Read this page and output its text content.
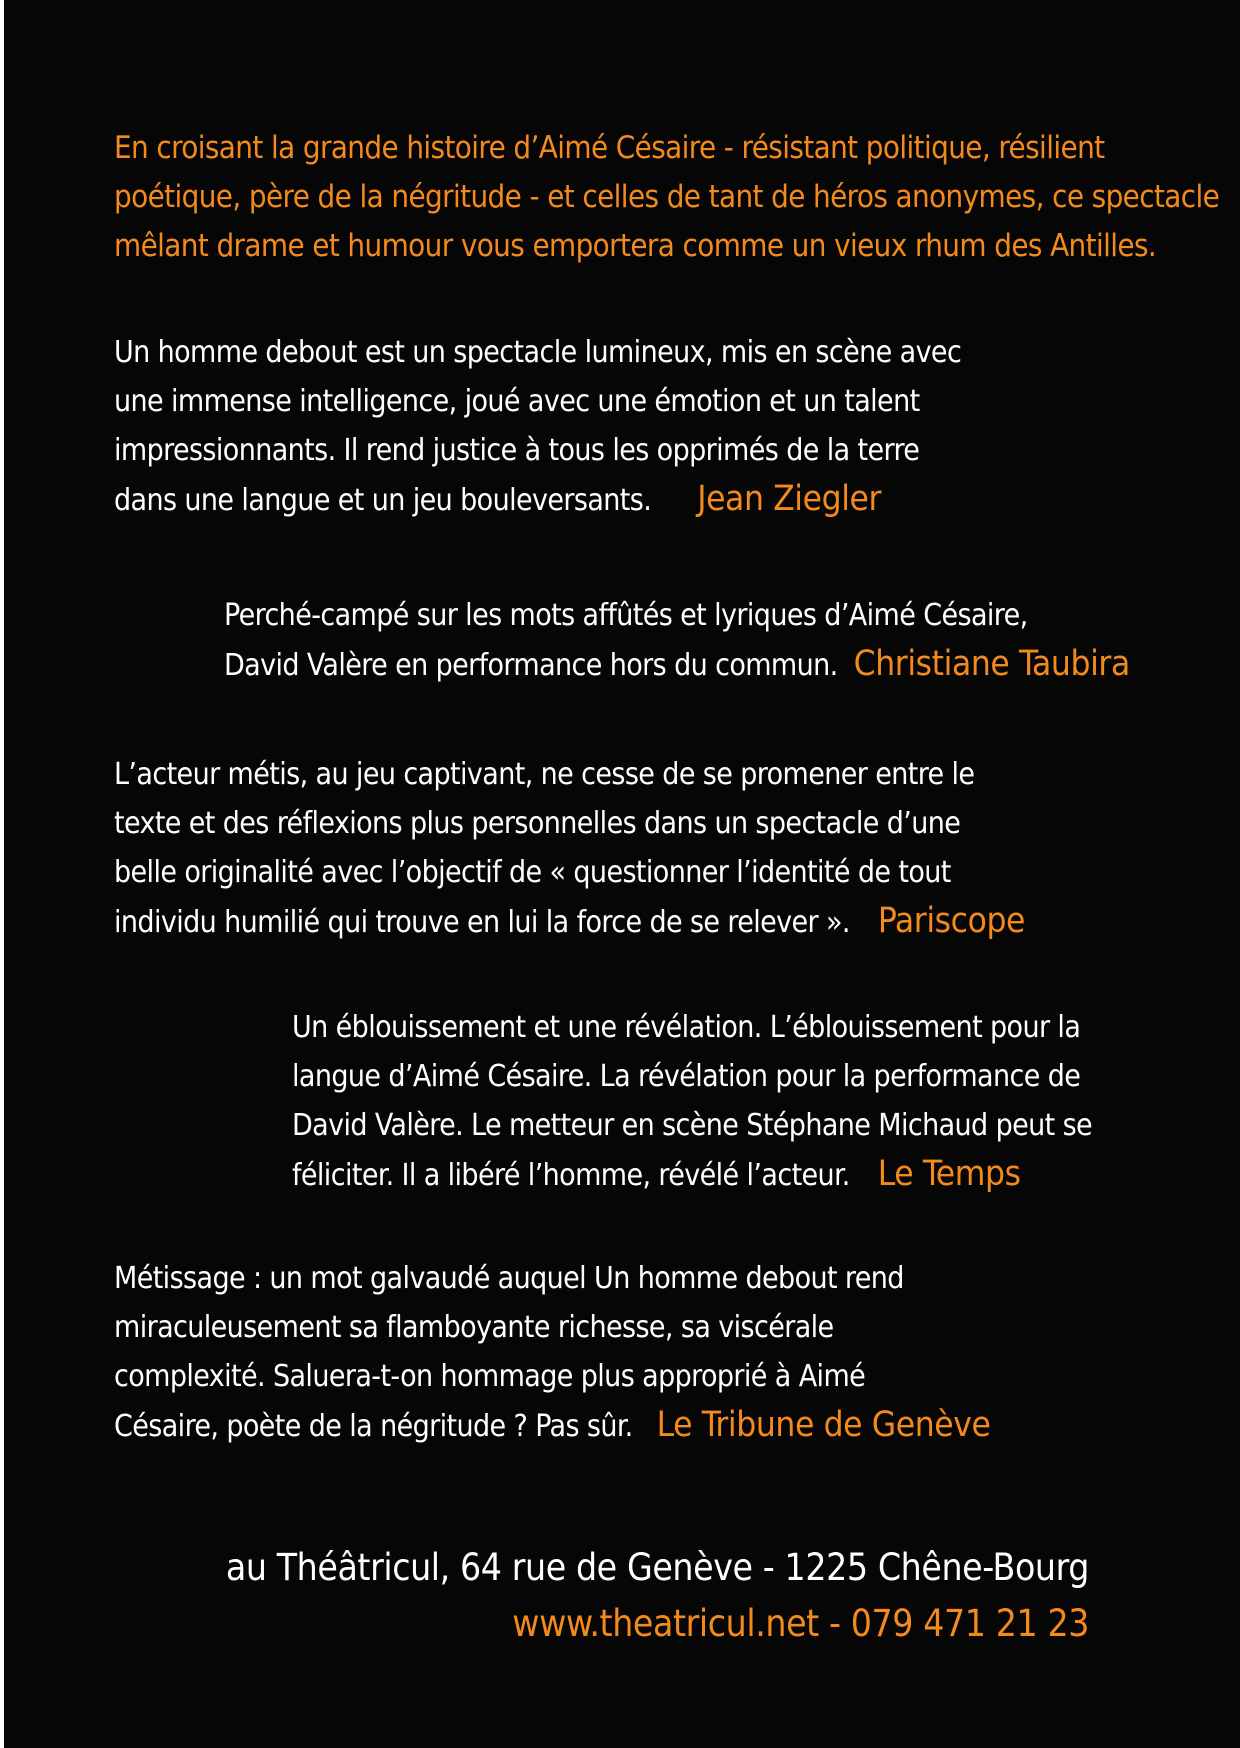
En croisant la grande histoire d’Aimé Césaire - résistant politique, résilient

poétique, père de la négritude - et celles de tant de héros anonymes, ce spectacle

mêlant drame et humour vous emportera comme un vieux rhum des Antilles.

Un homme debout est un spectacle lumineux, mis en scène avec

une immense intelligence, joué avec une émotion et un talent

impressionnants. Il rend justice à tous les opprimés de la terre

dans une langue et un jeu bouleversants. Jean Ziegler

Perché-campé sur les mots affûtés et lyriques d’Aimé Césaire,

David Valère en performance hors du commun. Christiane Taubira

L’acteur métis, au jeu captivant, ne cesse de se promener entre le

texte et des réflexions plus personnelles dans un spectacle d’une

belle originalité avec l’objectif de « questionner l’identité de tout

individu humilié qui trouve en lui la force de se relever ». Pariscope

Un éblouissement et une révélation. L’éblouissement pour la

langue d’Aimé Césaire. La révélation pour la performance de

David Valère. Le metteur en scène Stéphane Michaud peut se

féliciter. Il a libéré l’homme, révélé l’acteur. Le Temps

Métissage : un mot galvaudé auquel Un homme debout rend

miraculeusement sa flamboyante richesse, sa viscérale

complexité. Saluera-t-on hommage plus approprié à Aimé

Césaire, poète de la négritude ? Pas sûr. Le Tribune de Genève

au Théâtricul, 64 rue de Genève - 1225 Chêne-Bourg

www.theatricul.net - 079 471 21 23
